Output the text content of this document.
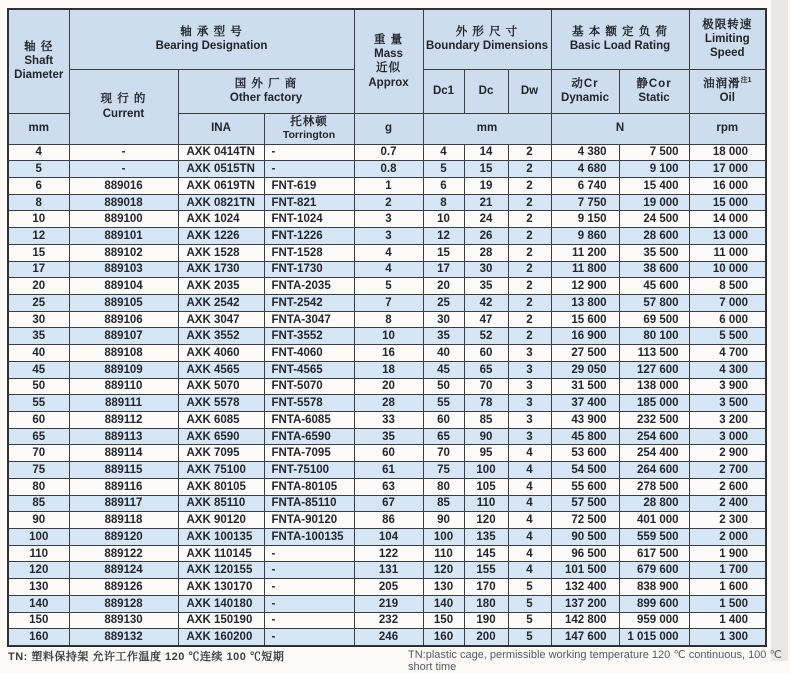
轴 径
Shaft
Diameter	轴 承 型 号
Bearing Designation			重 量
Mass
近似
Approx	外 形 尺 寸
Boundary Dimensions			基 本 额 定 负 荷
Basic Load Rating		极限转速
Limiting
Speed
	现 行 的
Current	国 外 厂 商
Other factory			Dc1	Dc	Dw	动Cr
Dynamic	静Cor
Static	油润滑$^{注1}$
Oil
mm		INA	托林顿
Torrington	g	mm			N		rpm
4	-	AXK 0414TN	-	0.7	4	14	2	4 380	7 500	18 000
5	-	AXK 0515TN	-	0.8	5	15	2	4 680	9 100	17 000
6	889016	AXK 0619TN	FNT-619	1	6	19	2	6 740	15 400	16 000
8	889018	AXK 0821TN	FNT-821	2	8	21	2	7 750	19 000	15 000
10	889100	AXK 1024	FNT-1024	3	10	24	2	9 150	24 500	14 000
12	889101	AXK 1226	FNT-1226	3	12	26	2	9 860	28 600	13 000
15	889102	AXK 1528	FNT-1528	4	15	28	2	11 200	35 500	11 000
17	889103	AXK 1730	FNT-1730	4	17	30	2	11 800	38 600	10 000
20	889104	AXK 2035	FNTA-2035	5	20	35	2	12 900	45 600	8 500
25	889105	AXK 2542	FNT-2542	7	25	42	2	13 800	57 800	7 000
30	889106	AXK 3047	FNTA-3047	8	30	47	2	15 600	69 500	6 000
35	889107	AXK 3552	FNT-3552	10	35	52	2	16 900	80 100	5 500
40	889108	AXK 4060	FNT-4060	16	40	60	3	27 500	113 500	4 700
45	889109	AXK 4565	FNT-4565	18	45	65	3	29 050	127 600	4 300
50	889110	AXK 5070	FNT-5070	20	50	70	3	31 500	138 000	3 900
55	889111	AXK 5578	FNT-5578	28	55	78	3	37 400	185 000	3 500
60	889112	AXK 6085	FNTA-6085	33	60	85	3	43 900	232 500	3 200
65	889113	AXK 6590	FNTA-6590	35	65	90	3	45 800	254 600	3 000
70	889114	AXK 7095	FNTA-7095	60	70	95	4	53 600	254 400	2 900
75	889115	AXK 75100	FNT-75100	61	75	100	4	54 500	264 600	2 700
80	889116	AXK 80105	FNTA-80105	63	80	105	4	55 600	278 500	2 600
85	889117	AXK 85110	FNTA-85110	67	85	110	4	57 500	28 800	2 400
90	889118	AXK 90120	FNTA-90120	86	90	120	4	72 500	401 000	2 300
100	889120	AXK 100135	FNTA-100135	104	100	135	4	90 500	559 500	2 000
110	889122	AXK 110145	-	122	110	145	4	96 500	617 500	1 900
120	889124	AXK 120155	-	131	120	155	4	101 500	679 600	1 700
130	889126	AXK 130170	-	205	130	170	5	132 400	838 900	1 600
140	889128	AXK 140180	-	219	140	180	5	137 200	899 600	1 500
150	889130	AXK 150190	-	232	150	190	5	142 800	959 000	1 400
160	889132	AXK 160200	-	246	160	200	5	147 600	1 015 000	1 300
TN: 塑料保持架 允许工作温度 120 ℃连续 100 ℃短期	TN:plastic cage, permissible working temperature 120 ℃ continuous, 100 ℃ short time
